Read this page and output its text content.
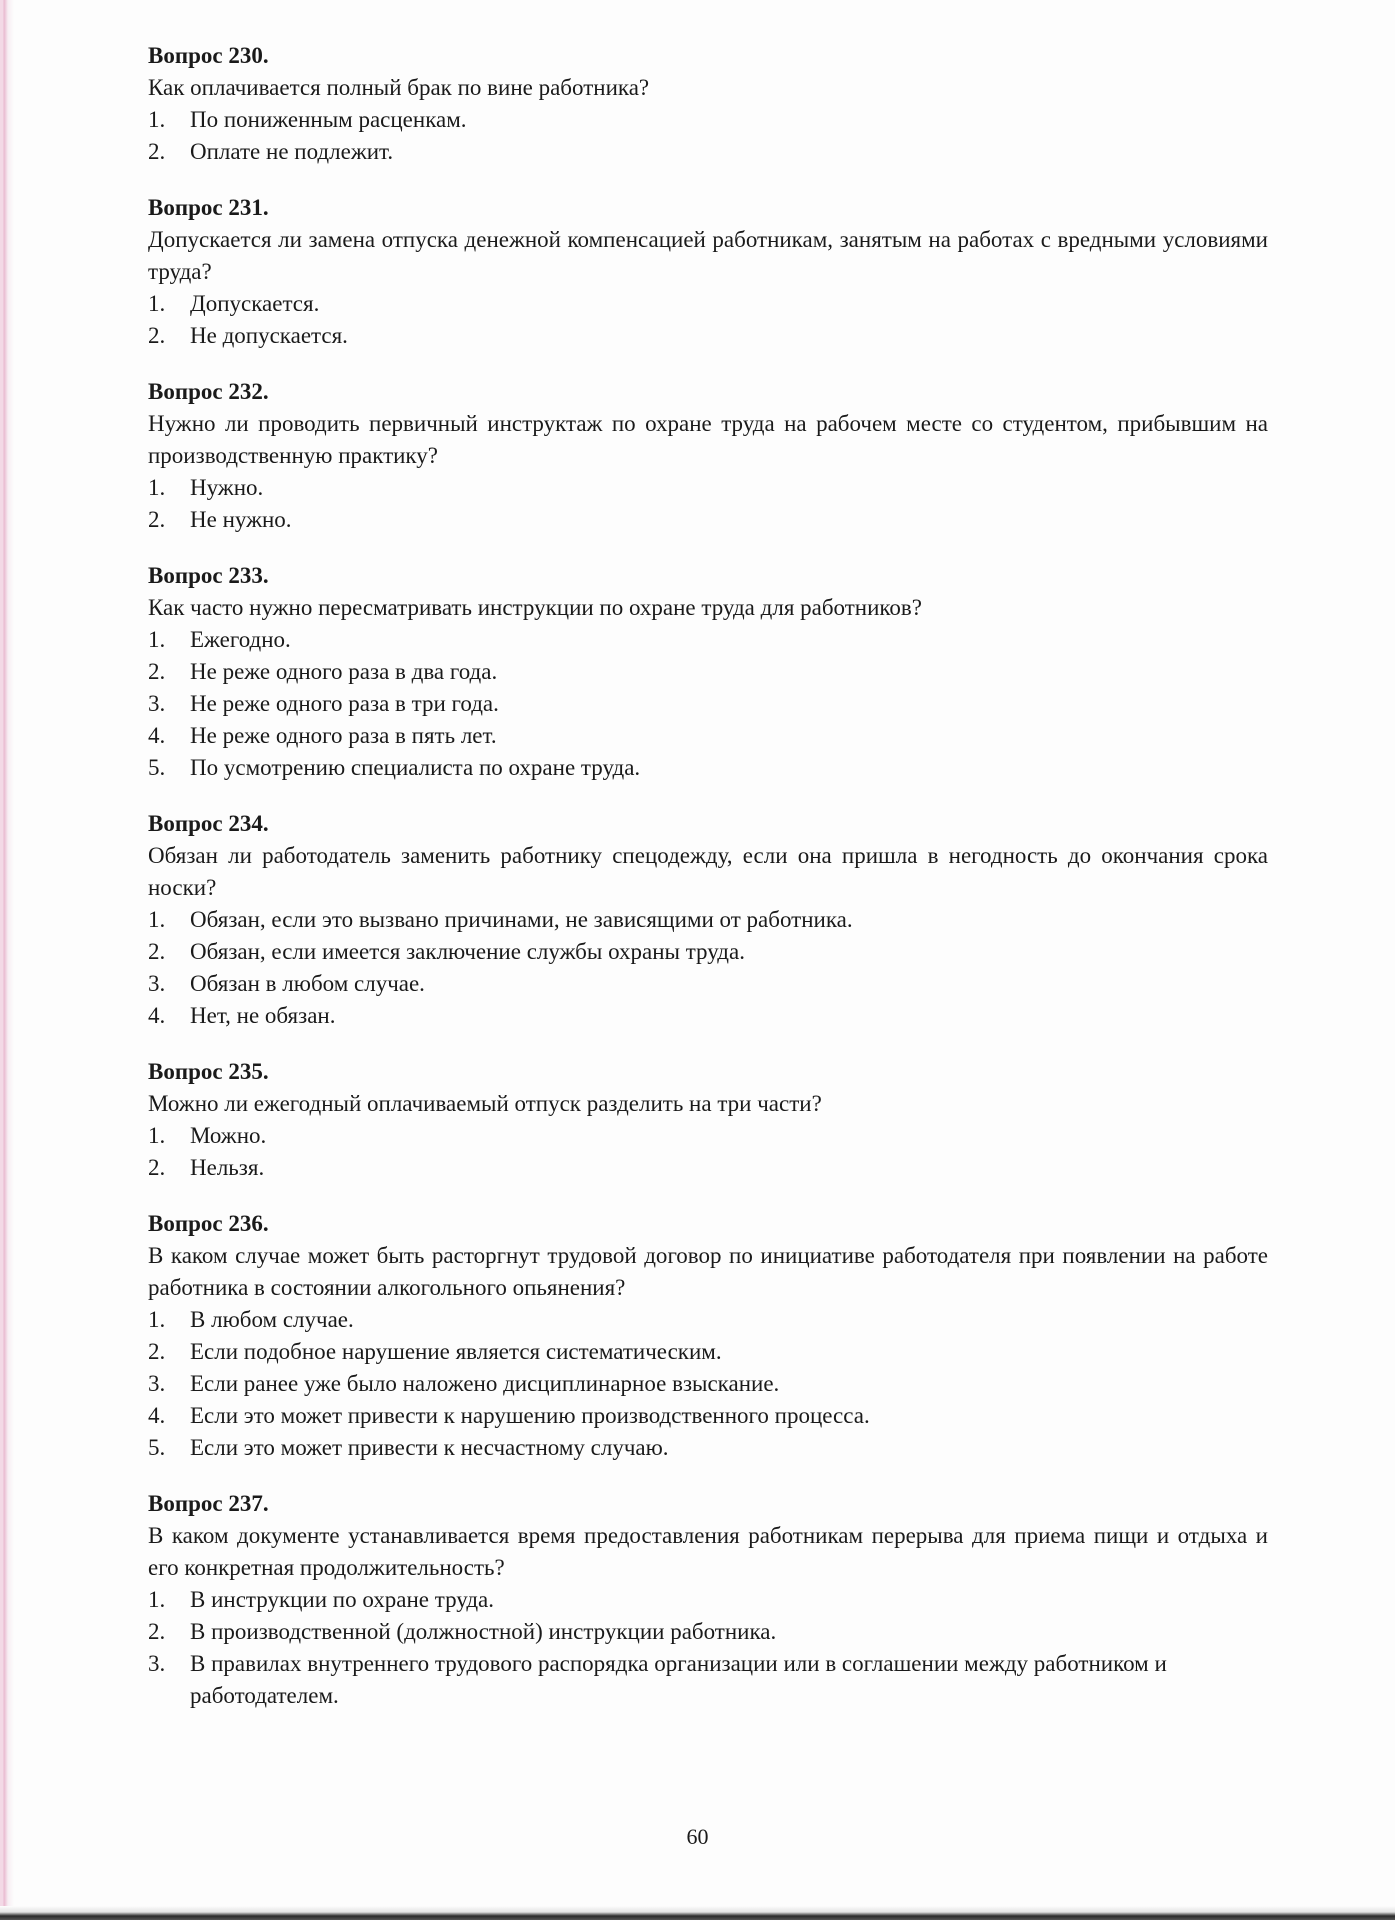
Вопрос 230.
Как оплачивается полный брак по вине работника?
1.	По пониженным расценкам.
2.	Оплате не подлежит.
Вопрос 231.
Допускается ли замена отпуска денежной компенсацией работникам, занятым на работах с вредными условиями труда?
1.	Допускается.
2.	Не допускается.
Вопрос 232.
Нужно ли проводить первичный инструктаж по охране труда на рабочем месте со студентом, прибывшим на производственную практику?
1.	Нужно.
2.	Не нужно.
Вопрос 233.
Как часто нужно пересматривать инструкции по охране труда для работников?
1.	Ежегодно.
2.	Не реже одного раза в два года.
3.	Не реже одного раза в три года.
4.	Не реже одного раза в пять лет.
5.	По усмотрению специалиста по охране труда.
Вопрос 234.
Обязан ли работодатель заменить работнику спецодежду, если она пришла в негодность до окончания срока носки?
1.	Обязан, если это вызвано причинами, не зависящими от работника.
2.	Обязан, если имеется заключение службы охраны труда.
3.	Обязан в любом случае.
4.	Нет, не обязан.
Вопрос 235.
Можно ли ежегодный оплачиваемый отпуск разделить на три части?
1.	Можно.
2.	Нельзя.
Вопрос 236.
В каком случае может быть расторгнут трудовой договор по инициативе работодателя при появлении на работе работника в состоянии алкогольного опьянения?
1.	В любом случае.
2.	Если подобное нарушение является систематическим.
3.	Если ранее уже было наложено дисциплинарное взыскание.
4.	Если это может привести к нарушению производственного процесса.
5.	Если это может привести к несчастному случаю.
Вопрос 237.
В каком документе устанавливается время предоставления работникам перерыва для приема пищи и отдыха и его конкретная продолжительность?
1.	В инструкции по охране труда.
2.	В производственной (должностной) инструкции работника.
3.	В правилах внутреннего трудового распорядка организации или в соглашении между работником и работодателем.
60
